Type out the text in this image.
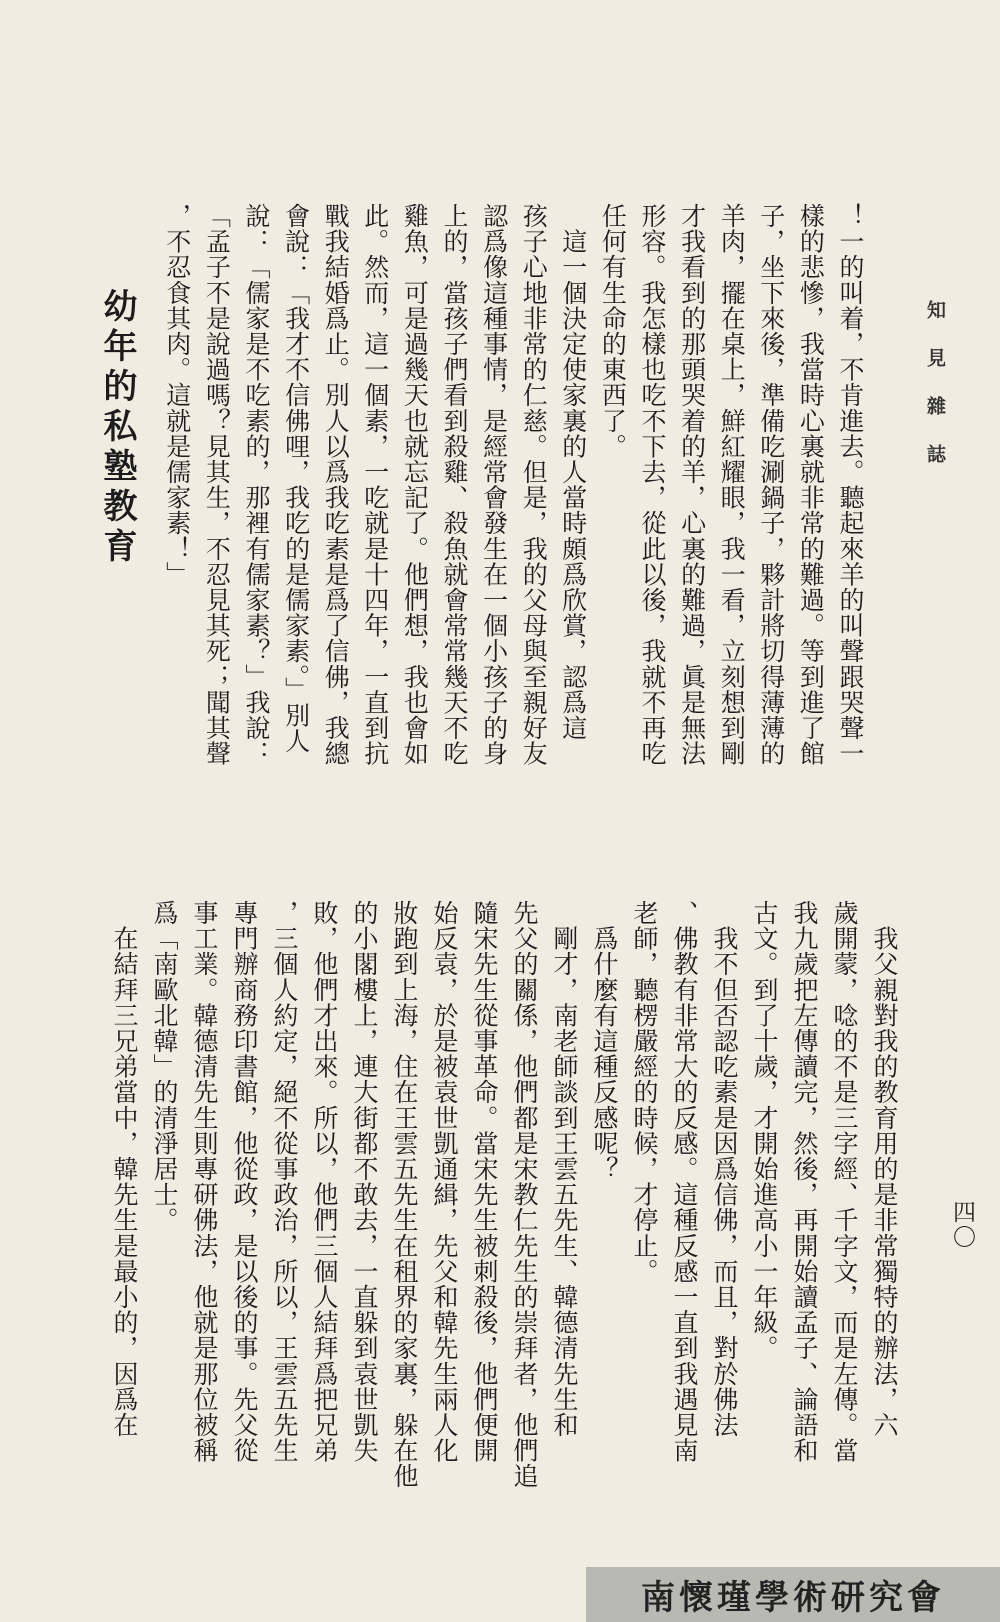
知見雜誌
四〇
！一的叫着，不肯進去。聽起來羊的叫聲跟哭聲一
樣的悲慘，我當時心裏就非常的難過。等到進了館
子，坐下來後，準備吃涮鍋子，夥計將切得薄薄的
羊肉，擺在桌上，鮮紅耀眼，我一看，立刻想到剛
才我看到的那頭哭着的羊，心裏的難過，眞是無法
形容。我怎樣也吃不下去，從此以後，我就不再吃
任何有生命的東西了。
　這一個決定使家裏的人當時頗爲欣賞，認爲這
孩子心地非常的仁慈。但是，我的父母與至親好友
認爲像這種事情，是經常會發生在一個小孩子的身
上的，當孩子們看到殺雞、殺魚就會常常幾天不吃
雞魚，可是過幾天也就忘記了。他們想，我也會如
此。然而，這一個素，一吃就是十四年，一直到抗
戰我結婚爲止。別人以爲我吃素是爲了信佛，我總
會說：「我才不信佛哩，我吃的是儒家素。」別人
說：「儒家是不吃素的，那裡有儒家素？」我說：
「孟子不是說過嗎？見其生，不忍見其死；聞其聲
，不忍食其肉。這就是儒家素！」
幼年的私塾教育
　我父親對我的教育用的是非常獨特的辦法，六
歲開蒙，唸的不是三字經、千字文，而是左傳。當
我九歲把左傳讀完，然後，再開始讀孟子、論語和
古文。到了十歲，才開始進高小一年級。
　我不但否認吃素是因爲信佛，而且，對於佛法
、佛教有非常大的反感。這種反感一直到我遇見南
老師，聽楞嚴經的時候，才停止。
　爲什麼有這種反感呢？
　剛才，南老師談到王雲五先生、韓德清先生和
先父的關係，他們都是宋教仁先生的崇拜者，他們追
隨宋先生從事革命。當宋先生被刺殺後，他們便開
始反袁，於是被袁世凱通緝，先父和韓先生兩人化
妝跑到上海，住在王雲五先生在租界的家裏，躲在他
的小閣樓上，連大街都不敢去，一直躲到袁世凱失
敗，他們才出來。所以，他們三個人結拜爲把兄弟
，三個人約定，絕不從事政治，所以，王雲五先生
專門辦商務印書館，他從政，是以後的事。先父從
事工業。韓德清先生則專研佛法，他就是那位被稱
爲「南歐北韓」的清淨居士。
　在結拜三兄弟當中，韓先生是最小的，因爲在
南懷瑾學術研究會
